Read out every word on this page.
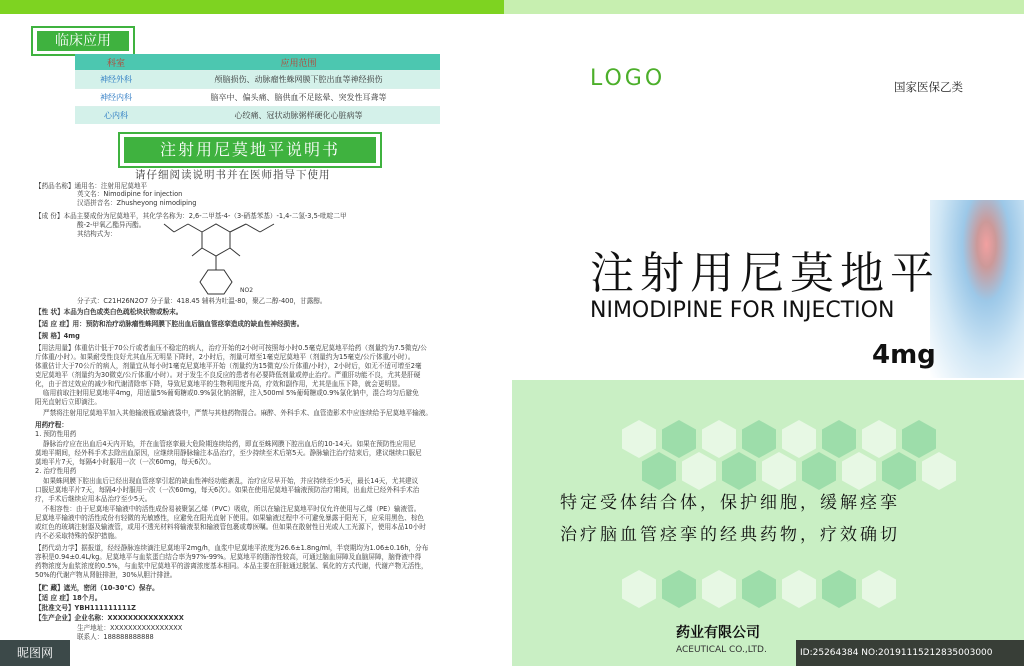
临床应用
科室	应用范围
神经外科	颅脑损伤、动脉瘤性蛛网膜下腔出血等神经损伤
神经内科	脑卒中、偏头痛、脑供血不足眩晕、突发性耳聋等
心内科	心绞痛、冠状动脉粥样硬化心脏病等
注射用尼莫地平说明书
请仔细阅读说明书并在医师指导下使用
【药品名称】通用名：注射用尼莫地平
英文名：Nimodipine for injection
汉语拼音名：Zhusheyong nimodiping
【成 份】本品主要成份为尼莫地平，其化学名称为：2,6-二甲基-4-（3-硝基苯基）-1,4-二氢-3,5-吡啶二甲
酸-2-甲氧乙酯异丙酯。
其结构式为：
NO2
分子式：C21H26N2O7 分子量：418.45 辅料为吐温-80，聚乙二醇-400，甘露醇。
【性 状】本品为白色或类白色疏松块状物或粉末。
【适 应 症】用：预防和治疗动脉瘤性蛛网膜下腔出血后脑血管痉挛造成的缺血性神经损害。
【规 格】4mg
【用法用量】体重估计低于70公斤或者血压不稳定的病人，治疗开始的2小时可按照每小时0.5毫克尼莫地平给药（剂量约为7.5微克/公
斤体重/小时）。如果耐受性良好尤其血压无明显下降时，2小时后，剂量可增至1毫克尼莫地平（剂量约为15毫克/公斤体重/小时）。
体重估计大于70公斤的病人，剂量宜从每小时1毫克尼莫地平开始（剂量约为15微克/公斤体重/小时），2小时后，如无不适可增至2毫
克尼莫地平（剂量约为30微克/公斤体重/小时）。对于发生不良反应的患者有必要降低剂量或停止治疗。严重肝功能不良，尤其是肝硬
化，由于首过效应的减少和代谢清除率下降，导致尼莫地平的生物利用度升高，疗效和副作用，尤其是血压下降，就会更明显。
临用前取注射用尼莫地平4mg，用适量5%葡萄糖或0.9%氯化钠溶解，注入500ml 5%葡萄糖或0.9%氯化钠中，混合均匀后避免
阳光直射后立即滴注。
严禁将注射用尼莫地平加入其他输液瓶或输液袋中，严禁与其他药物混合。麻醉、外科手术、血管造影术中应连续给予尼莫地平输液。
用药疗程：
1. 预防性用药
静脉治疗应在出血后4天内开始，并在血管痉挛最大危险期连续给药，即直至蛛网膜下腔出血后的10-14天。如果在预防性应用尼
莫地平期间，经外科手术去除出血原因，应继续用静脉输注本品治疗，至少持续至术后第5天。静脉输注治疗结束后，建议继续口服尼
莫地平片7天，每隔4小时服用一次（一次60mg，每天6次）。
2. 治疗性用药
如果蛛网膜下腔出血后已经出现血管痉挛引起的缺血性神经功能紊乱，治疗应尽早开始，并应持续至少5天，最长14天，尤其建议
口服尼莫地平片7天，每隔4小时服用一次（一次60mg，每天6次）。如果在使用尼莫地平输液预防治疗期间，出血灶已经外科手术治
疗，手术后继续应用本品治疗至少5天。
不相容性：由于尼莫地平输液中的活性成份易被聚氯乙烯（PVC）吸收，所以在输注尼莫地平时仅允许使用与乙烯（PE）输液管。
尼莫地平输液中的活性成份有轻微的光敏感性，应避免在阳光直射下使用。如果输液过程中不可避免暴露于阳光下，应采用黑色、棕色
或红色的玻璃注射器及输液管，或用不透光材料将输液泵和输液管包裹或尊医嘱。但如果在散射性日光或人工光源下，使用本品10小时
内不必采取特殊的保护措施。
【药代动力学】据报道，经经静脉连续滴注尼莫地平2mg/h，血浆中尼莫地平浓度为26.6±1.8ng/ml，半衰期均为1.06±0.16h，分布
容积是0.94±0.4L/kg。尼莫地平与血浆蛋白结合率为97%-99%。尼莫地平的脂溶性较高，可通过脑血屏障及血脑屏障，脑脊液中得
药物浓度为血浆浓度的0.5%，与血浆中尼莫地平的游离浓度基本相同。本品主要在肝脏通过脱氢、氧化的方式代谢，代谢产物无活性，
50%的代谢产物从肾脏排泄，30%从胆汁排泄。
【贮 藏】遮光，密闭（10-30℃）保存。
【适 应 症】18个月。
【批准文号】YBH111111111Z
【生产企业】企业名称：XXXXXXXXXXXXXXX
生产地址：XXXXXXXXXXXXXXXX
联系人：188888888888
LOGO	国家医保乙类
注射用尼莫地平
NIMODIPINE FOR INJECTION
4mg
特定受体结合体，保护细胞，缓解痉挛
治疗脑血管痉挛的经典药物，疗效确切
药业有限公司
ACEUTICAL CO.,LTD.
昵图网	ID:25264384 NO:20191115212835003000
